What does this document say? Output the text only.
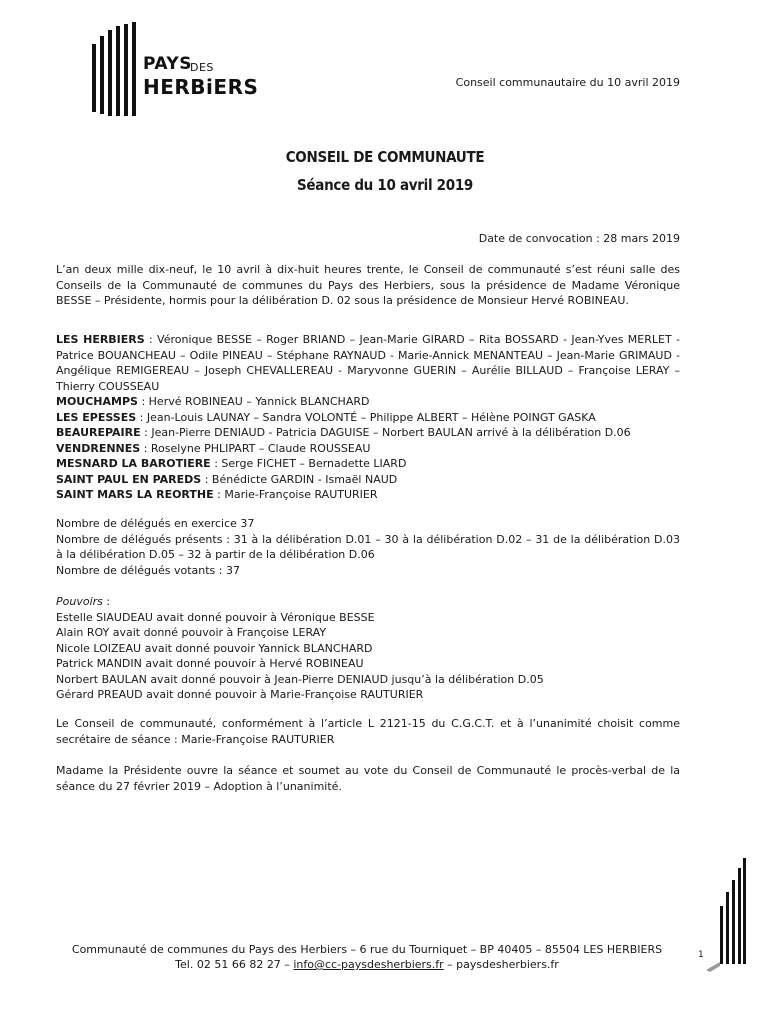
PAYS
DES
HERBiERS	Conseil communautaire du 10 avril 2019
CONSEIL DE COMMUNAUTE
Séance du 10 avril 2019
Date de convocation : 28 mars 2019
L’an deux mille dix-neuf, le 10 avril à dix-huit heures trente, le Conseil de communauté s’est réuni salle des Conseils de la Communauté de communes du Pays des Herbiers, sous la présidence de Madame Véronique BESSE – Présidente, hormis pour la délibération D. 02 sous la présidence de Monsieur Hervé ROBINEAU.

LES HERBIERS : Véronique BESSE – Roger BRIAND – Jean-Marie GIRARD – Rita BOSSARD - Jean-Yves MERLET - Patrice BOUANCHEAU – Odile PINEAU – Stéphane RAYNAUD - Marie-Annick MENANTEAU – Jean-Marie GRIMAUD - Angélique REMIGEREAU – Joseph CHEVALLEREAU - Maryvonne GUERIN – Aurélie BILLAUD – Françoise LERAY – Thierry COUSSEAU

MOUCHAMPS : Hervé ROBINEAU – Yannick BLANCHARD

LES EPESSES : Jean-Louis LAUNAY – Sandra VOLONTÉ – Philippe ALBERT – Hélène POINGT GASKA

BEAUREPAIRE : Jean-Pierre DENIAUD - Patricia DAGUISE – Norbert BAULAN arrivé à la délibération D.06

VENDRENNES : Roselyne PHLIPART – Claude ROUSSEAU

MESNARD LA BAROTIERE : Serge FICHET – Bernadette LIARD

SAINT PAUL EN PAREDS : Bénédicte GARDIN - Ismaël NAUD

SAINT MARS LA REORTHE : Marie-Françoise RAUTURIER

Nombre de délégués en exercice 37

Nombre de délégués présents : 31 à la délibération D.01 – 30 à la délibération D.02 – 31 de la délibération D.03 à la délibération D.05 – 32 à partir de la délibération D.06

Nombre de délégués votants : 37

Pouvoirs :

Estelle SIAUDEAU avait donné pouvoir à Véronique BESSE

Alain ROY avait donné pouvoir à Françoise LERAY

Nicole LOIZEAU avait donné pouvoir Yannick BLANCHARD

Patrick MANDIN avait donné pouvoir à Hervé ROBINEAU

Norbert BAULAN avait donné pouvoir à Jean-Pierre DENIAUD jusqu’à la délibération D.05

Gérard PREAUD avait donné pouvoir à Marie-Françoise RAUTURIER

Le Conseil de communauté, conformément à l’article L 2121-15 du C.G.C.T. et à l’unanimité choisit comme secrétaire de séance : Marie-Françoise RAUTURIER
Madame la Présidente ouvre la séance et soumet au vote du Conseil de Communauté le procès-verbal de la séance du 27 février 2019 – Adoption à l’unanimité.
Communauté de communes du Pays des Herbiers – 6 rue du Tourniquet – BP 40405 – 85504 LES HERBIERS
Tel. 02 51 66 82 27 – info@cc-paysdesherbiers.fr – paysdesherbiers.fr
1
